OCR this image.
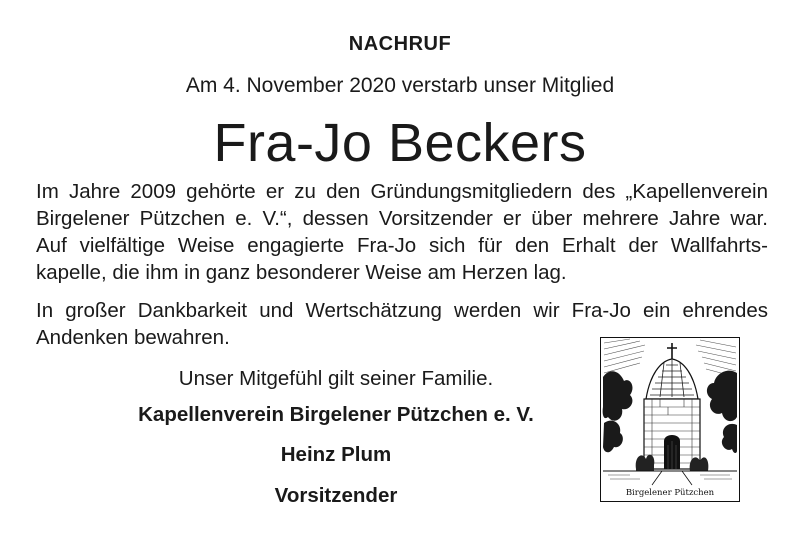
NACHRUF
Am 4. November 2020 verstarb unser Mitglied
Fra-Jo Beckers
Im Jahre 2009 gehörte er zu den Gründungsmitgliedern des „Kapellenverein
Birgelener Pützchen e. V.“, dessen Vorsitzender er über mehrere Jahre war.
Auf vielfältige Weise engagierte Fra-Jo sich für den Erhalt der Wallfahrts-
kapelle, die ihm in ganz besonderer Weise am Herzen lag.
In großer Dankbarkeit und Wertschätzung werden wir Fra-Jo ein ehrendes
Andenken bewahren.
Unser Mitgefühl gilt seiner Familie.
Kapellenverein Birgelener Pützchen e. V.
Heinz Plum
Vorsitzender	Birgelener Pützchen
